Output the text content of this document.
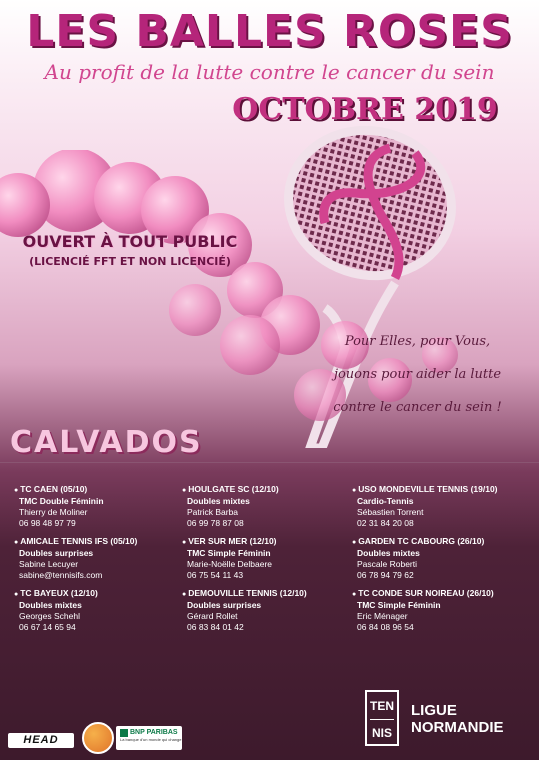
LES BALLES ROSES
Au profit de la lutte contre le cancer du sein
OCTOBRE 2019
OUVERT À TOUT PUBLIC
(LICENCIÉ FFT ET NON LICENCIÉ)
Pour Elles, pour Vous,
jouons pour aider la lutte
contre le cancer du sein !
CALVADOS
● TC CAEN (05/10)
TMC Double Féminin
Thierry de Moliner
06 98 48 97 79
● AMICALE TENNIS IFS (05/10)
Doubles surprises
Sabine Lecuyer
sabine@tennisifs.com
● TC BAYEUX (12/10)
Doubles mixtes
Georges Schehl
06 67 14 65 94
● HOULGATE SC (12/10)
Doubles mixtes
Patrick Barba
06 99 78 87 08
● VER SUR MER (12/10)
TMC Simple Féminin
Marie-Noëlle Delbaere
06 75 54 11 43
● DEMOUVILLE TENNIS (12/10)
Doubles surprises
Gérard Rollet
06 83 84 01 42
● USO MONDEVILLE TENNIS (19/10)
Cardio-Tennis
Sébastien Torrent
02 31 84 20 08
● GARDEN TC CABOURG (26/10)
Doubles mixtes
Pascale Roberti
06 78 94 79 62
● TC CONDE SUR NOIREAU (26/10)
TMC Simple Féminin
Eric Ménager
06 84 08 96 54
HEAD
BNP PARIBAS
La banque d'un monde qui change
TEN
NIS
LIGUE
NORMANDIE
